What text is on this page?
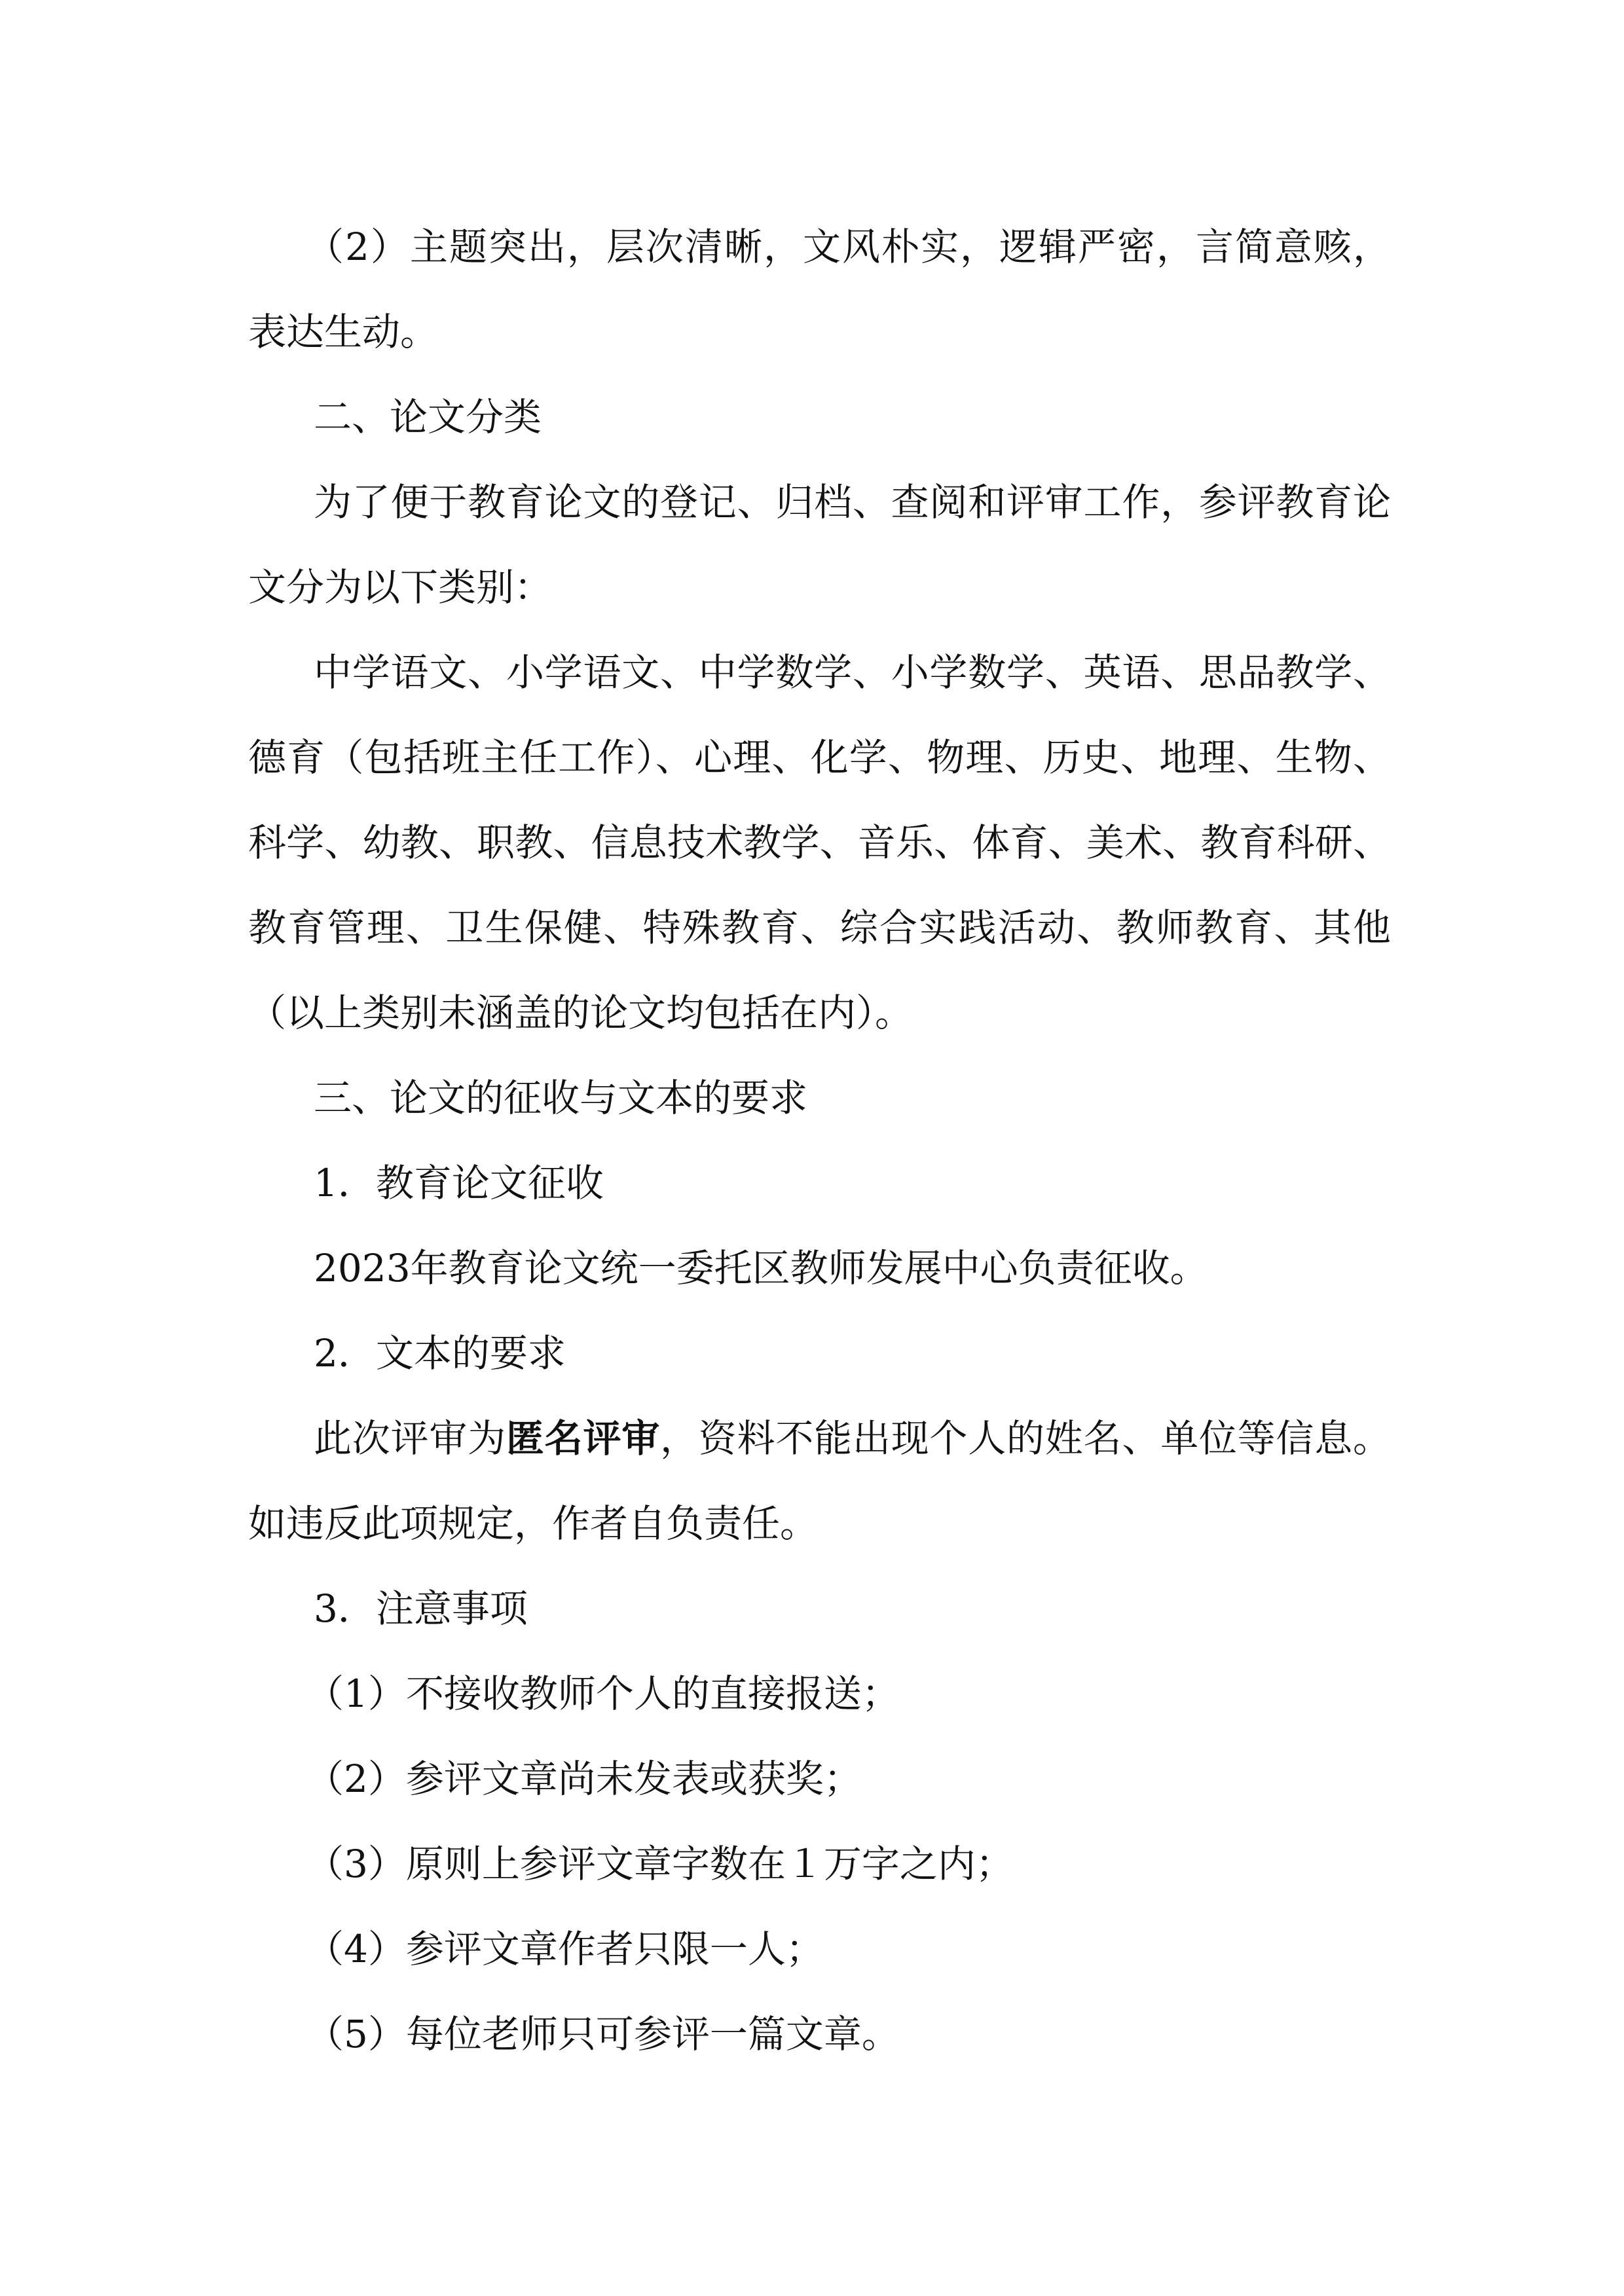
（2）主题突出，层次清晰，文风朴实，逻辑严密，言简意赅，表达生动。

二、论文分类

为了便于教育论文的登记、归档、查阅和评审工作，参评教育论文分为以下类别：

中学语文、小学语文、中学数学、小学数学、英语、思品教学、德育（包括班主任工作）、心理、化学、物理、历史、地理、生物、科学、幼教、职教、信息技术教学、音乐、体育、美术、教育科研、教育管理、卫生保健、特殊教育、综合实践活动、教师教育、其他（以上类别未涵盖的论文均包括在内）。

三、论文的征收与文本的要求

1．教育论文征收

2023年教育论文统一委托区教师发展中心负责征收。

2．文本的要求

此次评审为匿名评审，资料不能出现个人的姓名、单位等信息。如违反此项规定，作者自负责任。

3．注意事项

（1）不接收教师个人的直接报送；

（2）参评文章尚未发表或获奖；

（3）原则上参评文章字数在１万字之内；

（4）参评文章作者只限一人；

（5）每位老师只可参评一篇文章。
